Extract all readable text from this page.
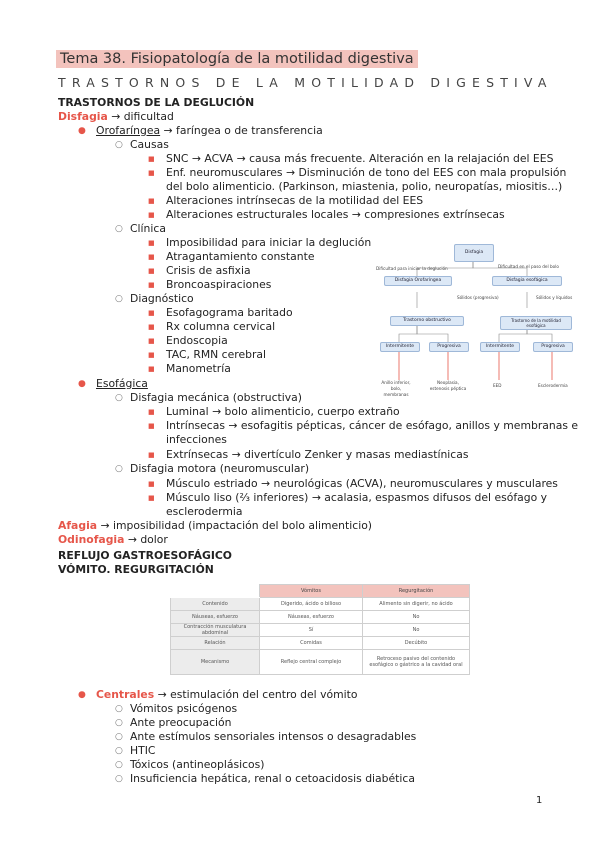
Tema 38. Fisiopatología de la motilidad digestiva
TRASTORNOS DE LA MOTILIDAD DIGESTIVA
TRASTORNOS DE LA DEGLUCIÓN
Disfagia → dificultad
● Orofaríngea → faríngea o de transferencia
○ Causas
■ SNC → ACVA → causa más frecuente. Alteración en la relajación del EES
■ Enf. neuromusculares → Disminución de tono del EES con mala propulsión
del bolo alimenticio. (Parkinson, miastenia, polio, neuropatías, miositis…)
■ Alteraciones intrínsecas de la motilidad del EES
■ Alteraciones estructurales locales → compresiones extrínsecas
○ Clínica
■ Imposibilidad para iniciar la deglución
■ Atragantamiento constante
■ Crisis de asfixia
■ Broncoaspiraciones
○ Diagnóstico
■ Esofagograma baritado
■ Rx columna cervical
■ Endoscopia
■ TAC, RMN cerebral
■ Manometría
● Esofágica
○ Disfagia mecánica (obstructiva)
■ Luminal → bolo alimenticio, cuerpo extraño
■ Intrínsecas → esofagitis pépticas, cáncer de esófago, anillos y membranas e
infecciones
■ Extrínsecas → divertículo Zenker y masas mediastínicas
○ Disfagia motora (neuromuscular)
■ Músculo estriado → neurológicas (ACVA), neuromusculares y musculares
■ Músculo liso (⅔ inferiores) → acalasia, espasmos difusos del esófago y
esclerodermia
Afagia → imposibilidad (impactación del bolo alimenticio)
Odinofagia → dolor
REFLUJO GASTROESOFÁGICO
VÓMITO. REGURGITACIÓN
Disfagia
Dificultad para iniciar la deglución	Dificultad en el paso del bolo
Disfagia Orofaríngea	Disfagia esofágica
Sólidos (progresiva)	Sólidos y líquidos
Trastorno obstructivo	Trastorno de la motilidad esofágica
Intermitente	Progresiva	Intermitente	Progresiva
Anillo inferior, bolo, membranas
Neoplasia, estenosis péptica
EED	Esclerodermia
	Vómitos	Regurgitación
Contenido	Digerido, ácido o bilioso	Alimento sin digerir, no ácido
Náuseas, esfuerzo	Náuseas, esfuerzo	No
Contracción musculatura abdominal	Sí	No
Relación	Comidas	Decúbito
Mecanismo	Reflejo central complejo	Retroceso pasivo del contenido esofágico o gástrico a la cavidad oral
● Centrales → estimulación del centro del vómito
○ Vómitos psicógenos
○ Ante preocupación
○ Ante estímulos sensoriales intensos o desagradables
○ HTIC
○ Tóxicos (antineoplásicos)
○ Insuficiencia hepática, renal o cetoacidosis diabética
1
